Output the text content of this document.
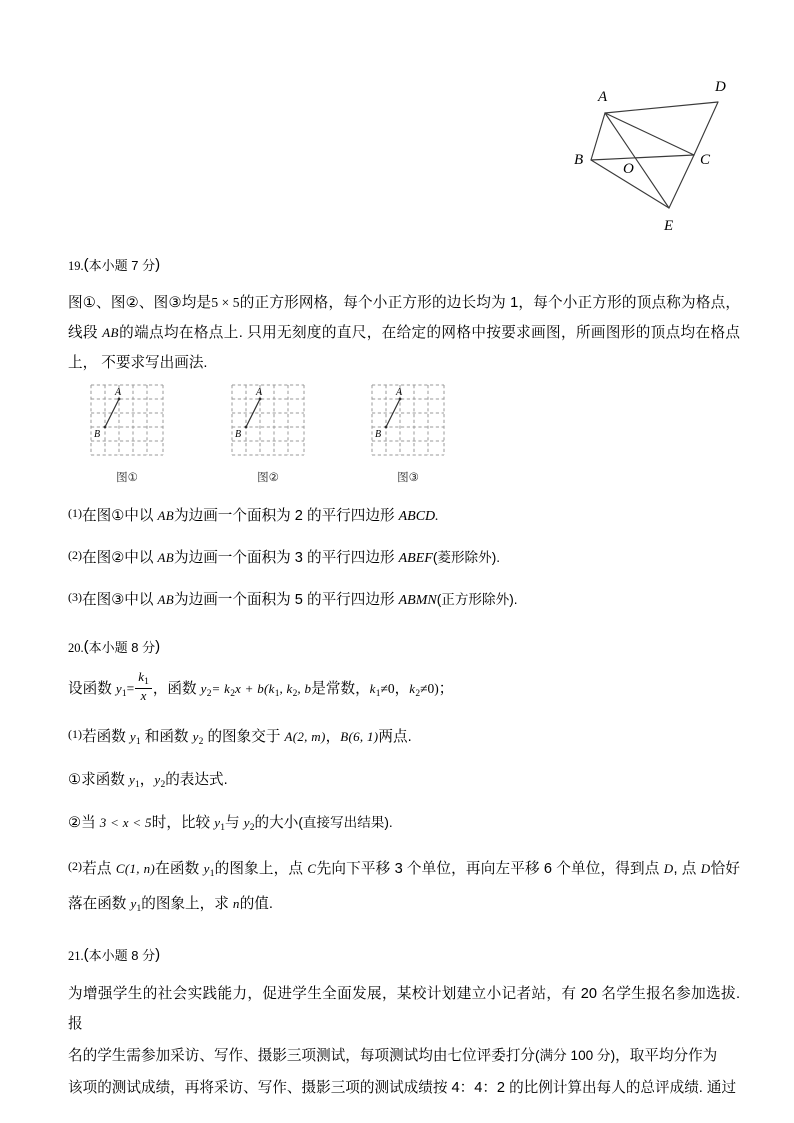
A
D
B	C
E
O

19.(本小题 7 分)

图①、图②、图③均是5 × 5的正方形网格，每个小正方形的边长均为 1，每个小正方形的顶点称为格点，线段 AB的端点均在格点上. 只用无刻度的直尺，在给定的网格中按要求画图，所画图形的顶点均在格点上， 不要求写出画法.

$^{(1)}$在图①中以 AB为边画一个面积为 2 的平行四边形 ABCD.

$^{(2)}$在图②中以 AB为边画一个面积为 3 的平行四边形 ABEF(菱形除外).

$^{(3)}$在图③中以 AB为边画一个面积为 5 的平行四边形 ABMN(正方形除外).

20.(本小题 8 分)

设函数 $y_1= \frac{k_1}{x}$ ，函数 $y_2= k_2x + b(k_1$, $k_2$, b是常数，$k_1\ne 0$，$k_2\ne 0$)；

$^{(1)}$若函数 $y_1$ 和函数 $y_2$ 的图象交于 A(2, m)，B(6, 1)两点.

①求函数 $y_1$，$y_2$的表达式.

②当 3 < x < 5时，比较 $y_1$与 $y_2$的大小(直接写出结果).

$^{(2)}$若点 C(1, n)在函数 $y_1$的图象上，点 C先向下平移 3 个单位，再向左平移 6 个单位，得到点 D, 点 D恰好落在函数 $y_1$的图象上，求 n的值.

21.(本小题 8 分)

为增强学生的社会实践能力，促进学生全面发展，某校计划建立小记者站，有 20 名学生报名参加选拔. 报

名的学生需参加采访、写作、摄影三项测试，每项测试均由七位评委打分(满分 100 分)，取平均分作为

该项的测试成绩，再将采访、写作、摄影三项的测试成绩按 4：4：2 的比例计算出每人的总评成绩. 通过

A
B
图①
A
B
图②
A
B
图③
